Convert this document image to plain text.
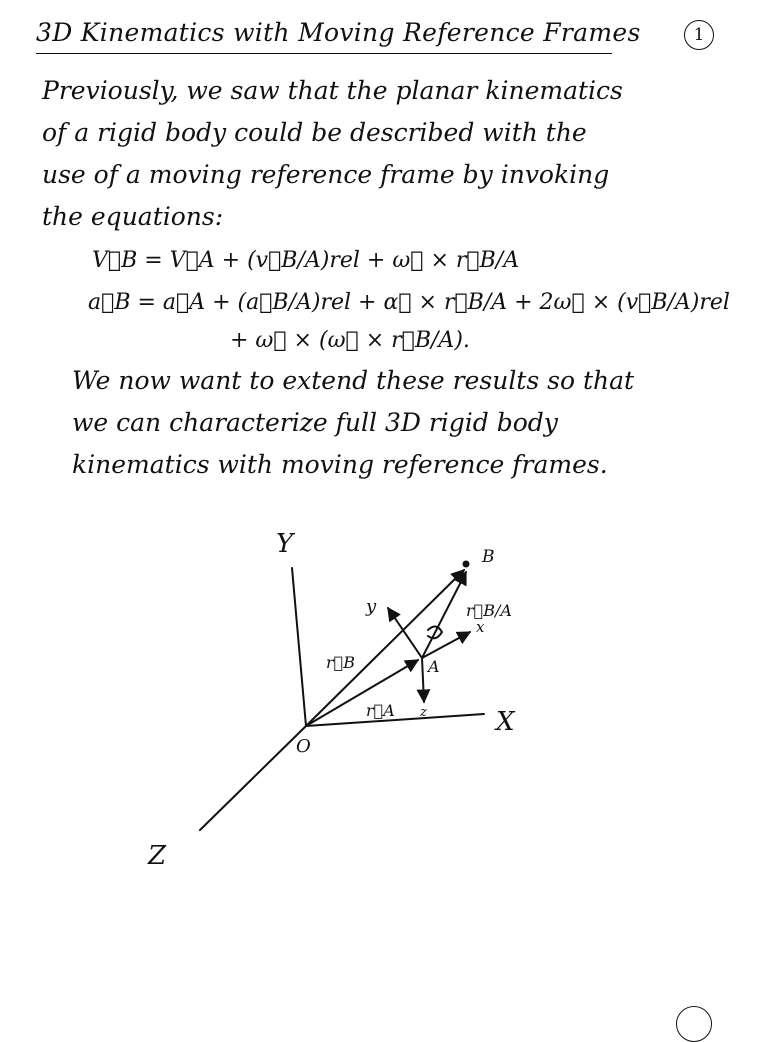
3D Kinematics with Moving Reference Frames	1
Previously, we saw that the planar kinematics
of a rigid body could be described with the
use of a moving reference frame by invoking
the equations:
V⃗B = V⃗A + (v⃗B/A)rel + ω⃗ × r⃗B/A
a⃗B = a⃗A + (a⃗B/A)rel + α⃗ × r⃗B/A + 2ω⃗ × (v⃗B/A)rel
+ ω⃗ × (ω⃗ × r⃗B/A).
We now want to extend these results so that
we can characterize full 3D rigid body
kinematics with moving reference frames.
Y
X
Z
O
A
B
r⃗B
r⃗A
r⃗B/A
y
x
z
